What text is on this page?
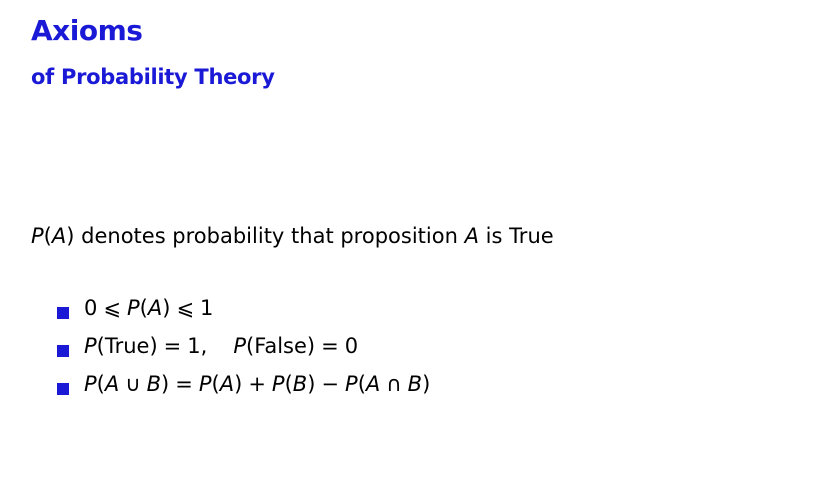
Axioms
of Probability Theory
P(A) denotes probability that proposition A is True
0 ⩽ P(A) ⩽ 1
P(True) = 1, P(False) = 0
P(A ∪ B) = P(A) + P(B) − P(A ∩ B)
